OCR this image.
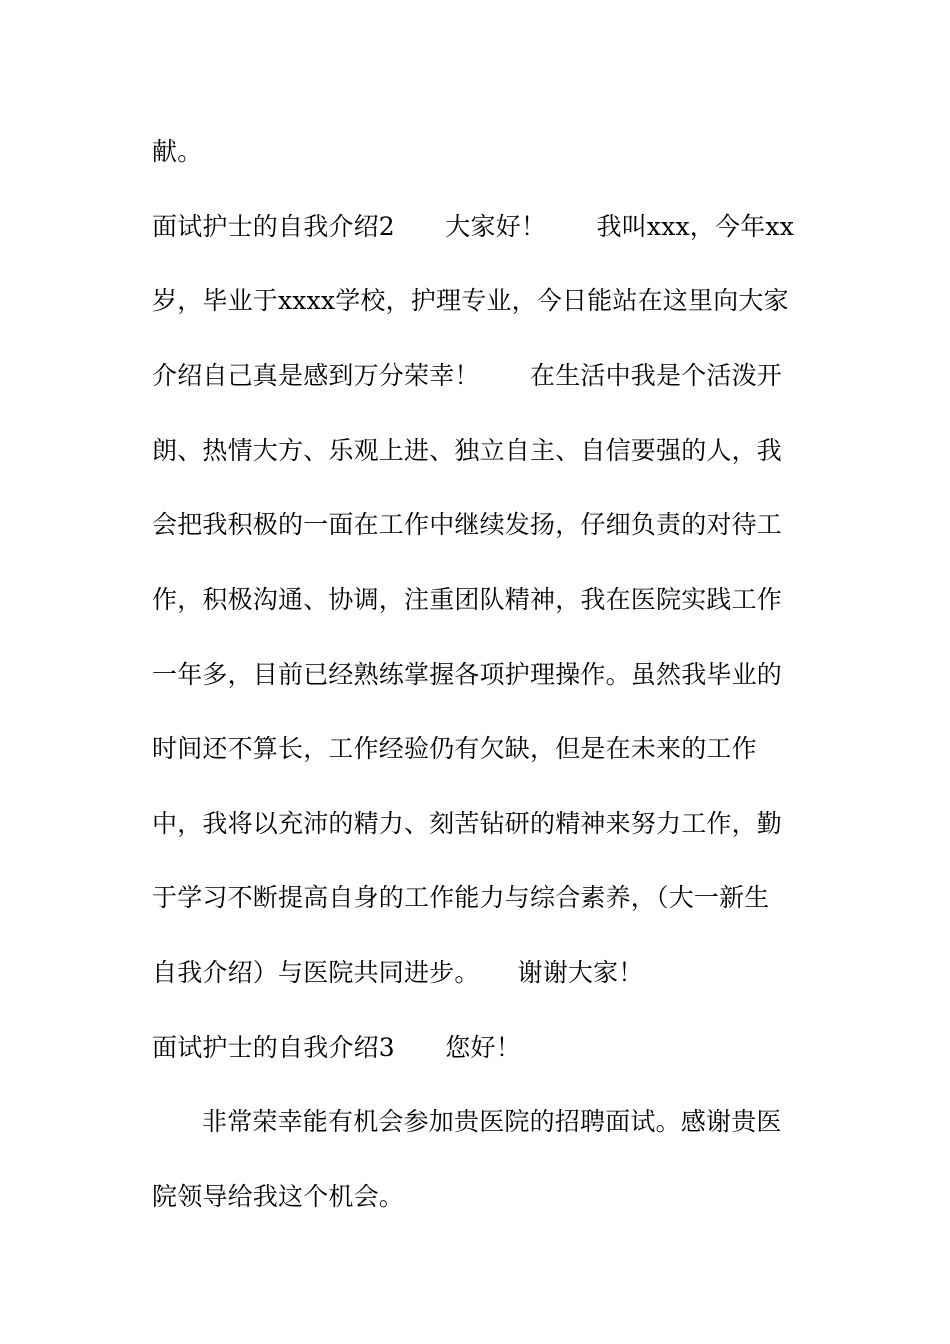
献。
面试护士的自我介绍2　　大家好！　　我叫xxx，今年xx
岁，毕业于xxxx学校，护理专业，今日能站在这里向大家
介绍自己真是感到万分荣幸！　　在生活中我是个活泼开
朗、热情大方、乐观上进、独立自主、自信要强的人，我
会把我积极的一面在工作中继续发扬，仔细负责的对待工
作，积极沟通、协调，注重团队精神，我在医院实践工作
一年多，目前已经熟练掌握各项护理操作。虽然我毕业的
时间还不算长，工作经验仍有欠缺，但是在未来的工作
中，我将以充沛的精力、刻苦钻研的精神来努力工作，勤
于学习不断提高自身的工作能力与综合素养，（大一新生
自我介绍）与医院共同进步。　　谢谢大家！
面试护士的自我介绍3　　您好！
非常荣幸能有机会参加贵医院的招聘面试。感谢贵医
院领导给我这个机会。
